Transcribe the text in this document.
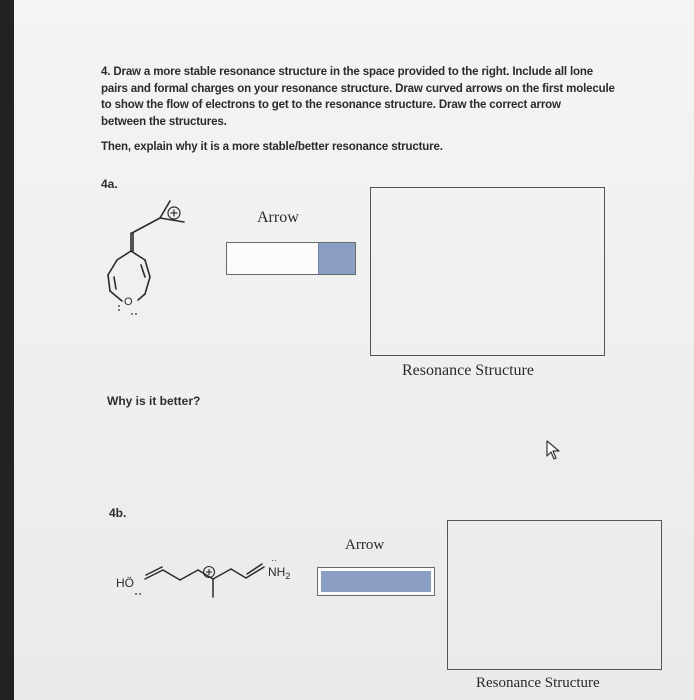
4. Draw a more stable resonance structure in the space provided to the right. Include all lone
pairs and formal charges on your resonance structure. Draw curved arrows on the first molecule
to show the flow of electrons to get to the resonance structure. Draw the correct arrow
between the structures.
Then, explain why it is a more stable/better resonance structure.
4a.
O
Arrow
Resonance Structure
Why is it better?
4b.
HÖ
$NH_2$
··
Arrow
Resonance Structure
